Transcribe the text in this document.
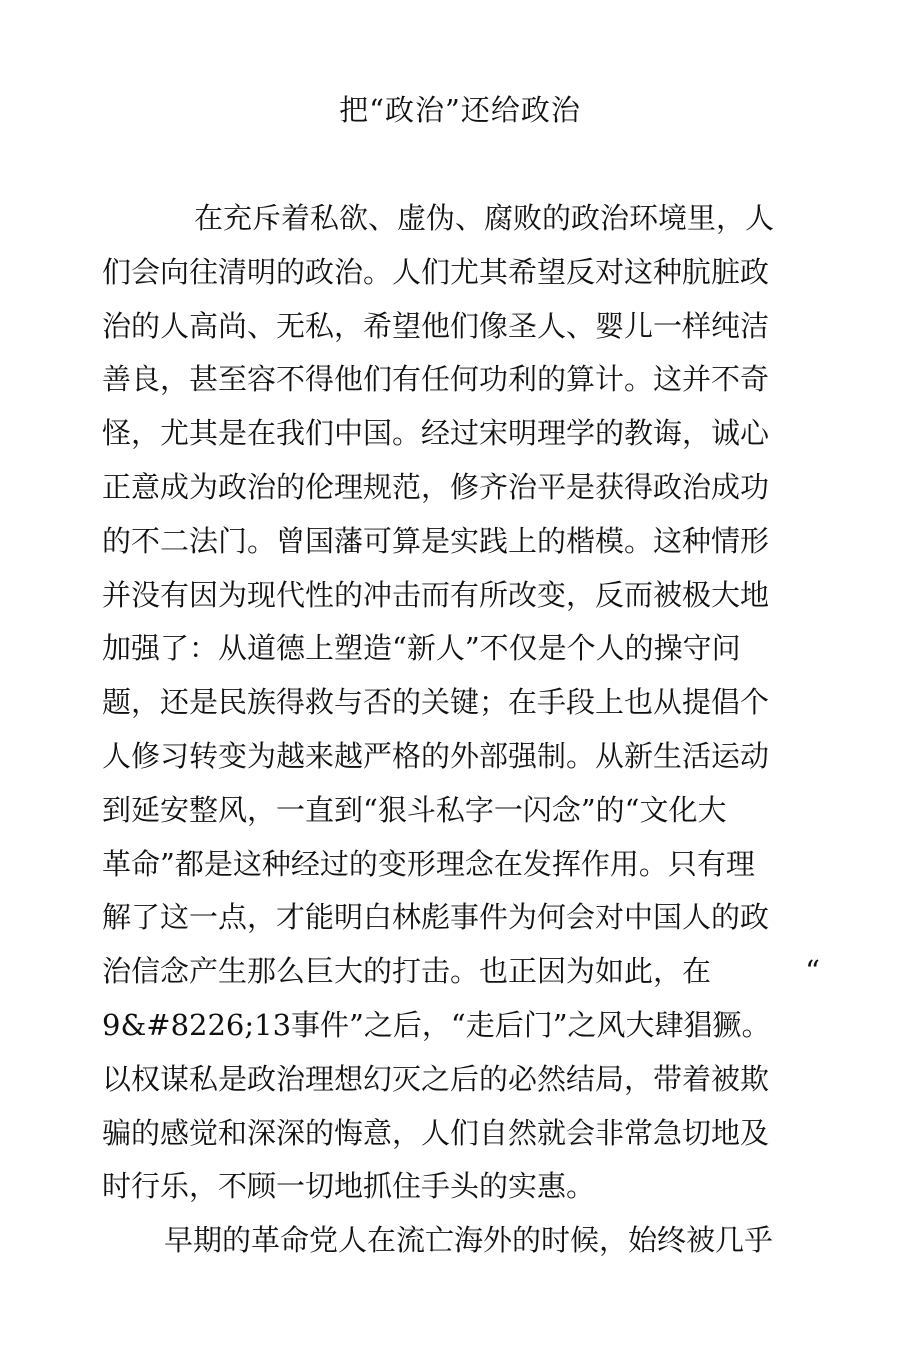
把“政治”还给政治
在充斥着私欲、虚伪、腐败的政治环境里，人
们会向往清明的政治。人们尤其希望反对这种肮脏政
治的人高尚、无私，希望他们像圣人、婴儿一样纯洁
善良，甚至容不得他们有任何功利的算计。这并不奇
怪，尤其是在我们中国。经过宋明理学的教诲，诚心
正意成为政治的伦理规范，修齐治平是获得政治成功
的不二法门。曾国藩可算是实践上的楷模。这种情形
并没有因为现代性的冲击而有所改变，反而被极大地
加强了：从道德上塑造“新人”不仅是个人的操守问
题，还是民族得救与否的关键；在手段上也从提倡个
人修习转变为越来越严格的外部强制。从新生活运动
到延安整风，一直到“狠斗私字一闪念”的“文化大
革命”都是这种经过的变形理念在发挥作用。只有理
解了这一点，才能明白林彪事件为何会对中国人的政
治信念产生那么巨大的打击。也正因为如此，在	“
9&#8226;13事件”之后，“走后门”之风大肆猖獗。
以权谋私是政治理想幻灭之后的必然结局，带着被欺
骗的感觉和深深的悔意，人们自然就会非常急切地及
时行乐，不顾一切地抓住手头的实惠。
早期的革命党人在流亡海外的时候，始终被几乎
